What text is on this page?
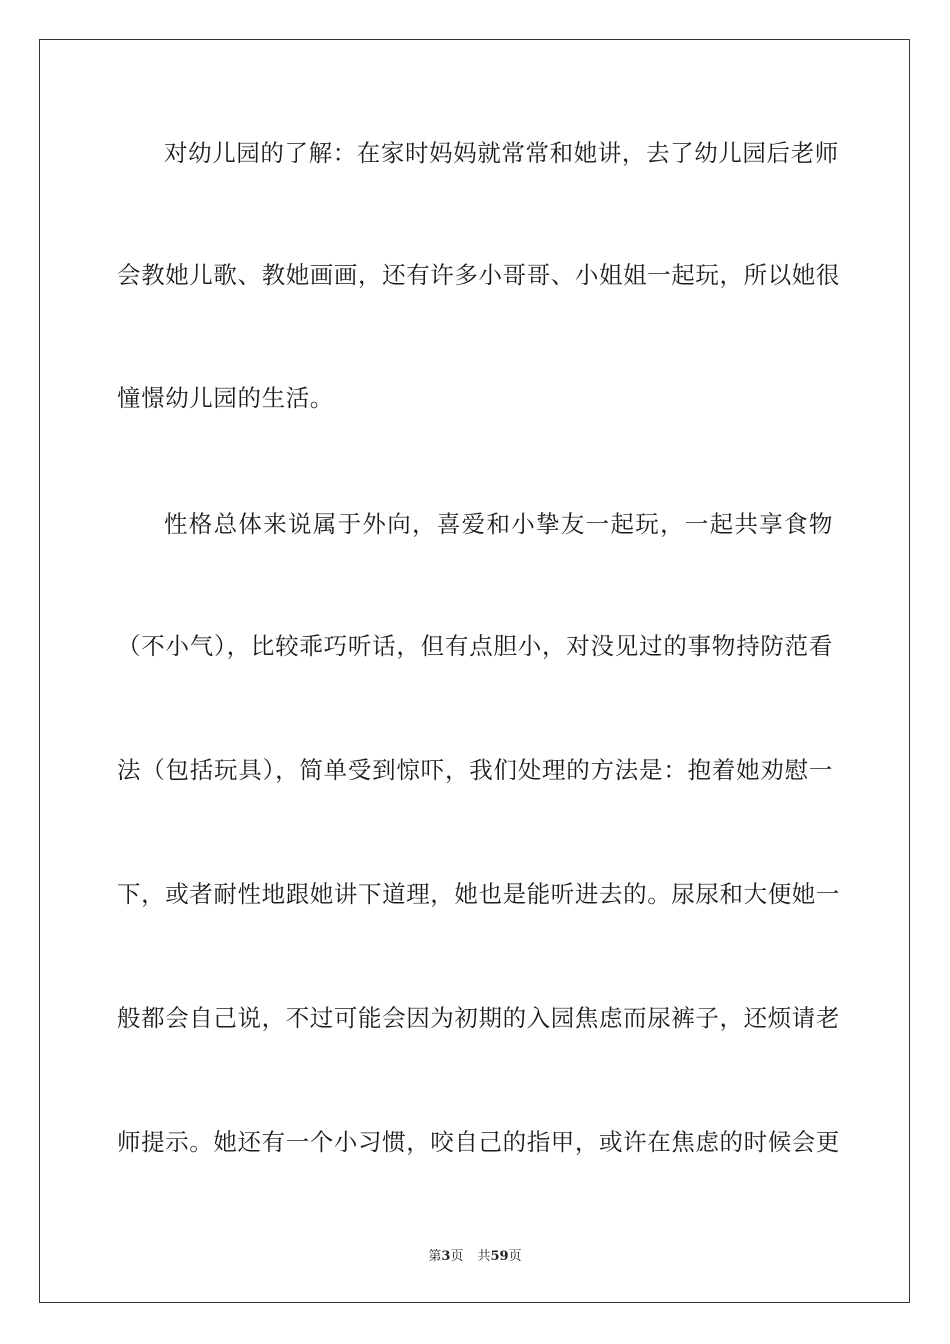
对幼儿园的了解：在家时妈妈就常常和她讲，去了幼儿园后老师
会教她儿歌、教她画画，还有许多小哥哥、小姐姐一起玩，所以她很
憧憬幼儿园的生活。
性格总体来说属于外向，喜爱和小挚友一起玩，一起共享食物
（不小气），比较乖巧听话，但有点胆小，对没见过的事物持防范看
法（包括玩具），简单受到惊吓，我们处理的方法是：抱着她劝慰一
下，或者耐性地跟她讲下道理，她也是能听进去的。尿尿和大便她一
般都会自己说，不过可能会因为初期的入园焦虑而尿裤子，还烦请老
师提示。她还有一个小习惯，咬自己的指甲，或许在焦虑的时候会更
第3页 共59页
